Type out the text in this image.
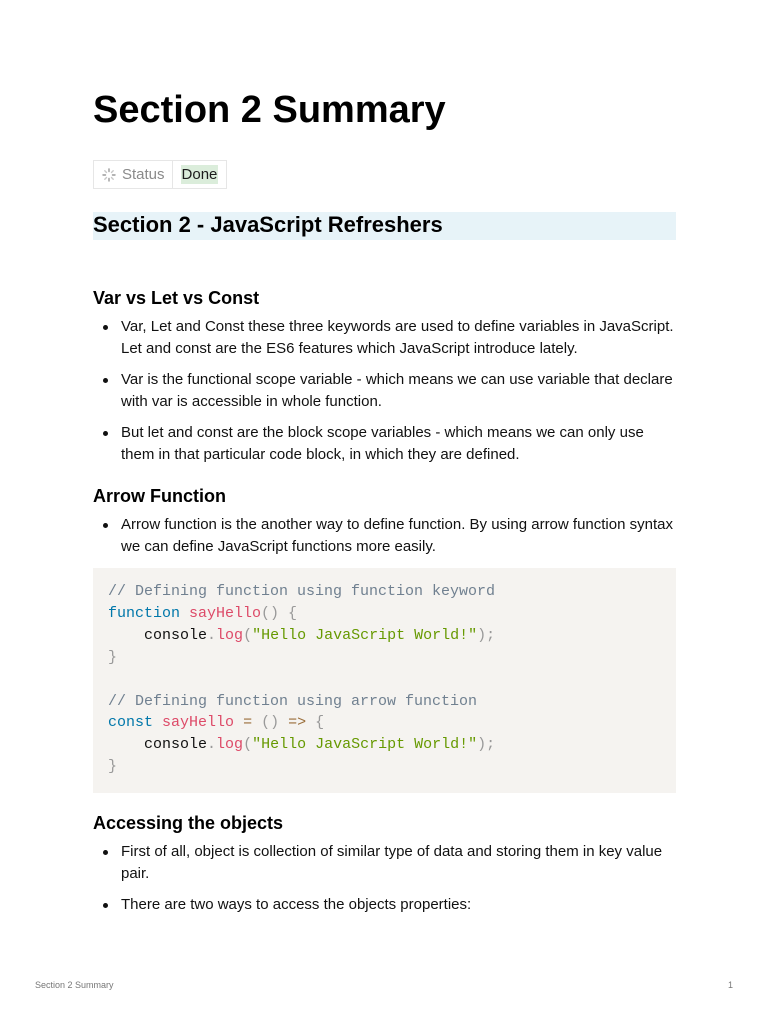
Section 2 Summary
Status Done
Section 2 - JavaScript Refreshers
Var vs Let vs Const
Var, Let and Const these three keywords are used to define variables in JavaScript. Let and const are the ES6 features which JavaScript introduce lately.
Var is the functional scope variable - which means we can use variable that declare with var is accessible in whole function.
But let and const are the block scope variables - which means we can only use them in that particular code block, in which they are defined.
Arrow Function
Arrow function is the another way to define function. By using arrow function syntax we can define JavaScript functions more easily.
// Defining function using function keyword
function sayHello() {
console.log("Hello JavaScript World!");
}

// Defining function using arrow function
const sayHello = () => {
console.log("Hello JavaScript World!");
}
Accessing the objects
First of all, object is collection of similar type of data and storing them in key value pair.
There are two ways to access the objects properties:
Section 2 Summary	1
